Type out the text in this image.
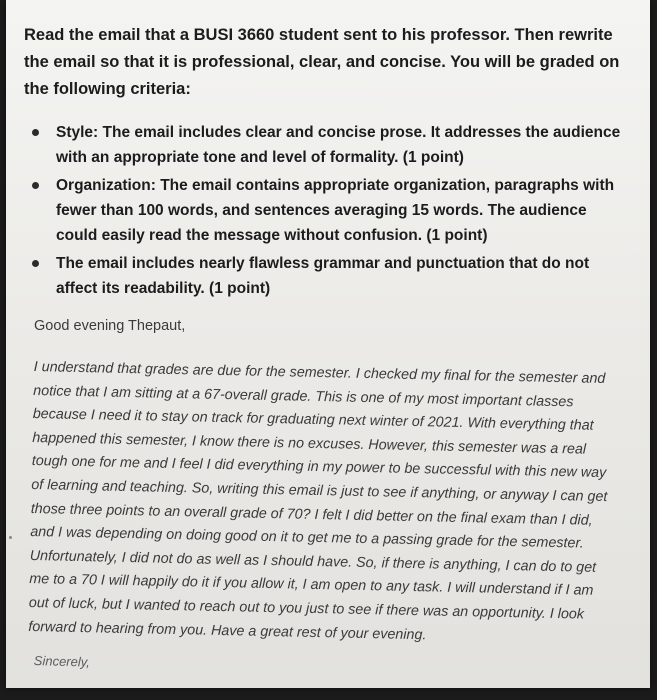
Read the email that a BUSI 3660 student sent to his professor. Then rewrite the email so that it is professional, clear, and concise. You will be graded on the following criteria:

Style: The email includes clear and concise prose. It addresses the audience with an appropriate tone and level of formality. (1 point)
Organization: The email contains appropriate organization, paragraphs with fewer than 100 words, and sentences averaging 15 words. The audience could easily read the message without confusion. (1 point)
The email includes nearly flawless grammar and punctuation that do not affect its readability. (1 point)

Good evening Thepaut,

I understand that grades are due for the semester. I checked my final for the semester and notice that I am sitting at a 67-overall grade. This is one of my most important classes because I need it to stay on track for graduating next winter of 2021. With everything that happened this semester, I know there is no excuses. However, this semester was a real tough one for me and I feel I did everything in my power to be successful with this new way of learning and teaching. So, writing this email is just to see if anything, or anyway I can get those three points to an overall grade of 70? I felt I did better on the final exam than I did, and I was depending on doing good on it to get me to a passing grade for the semester. Unfortunately, I did not do as well as I should have. So, if there is anything, I can do to get me to a 70 I will happily do it if you allow it, I am open to any task. I will understand if I am out of luck, but I wanted to reach out to you just to see if there was an opportunity. I look forward to hearing from you. Have a great rest of your evening.

Sincerely,
